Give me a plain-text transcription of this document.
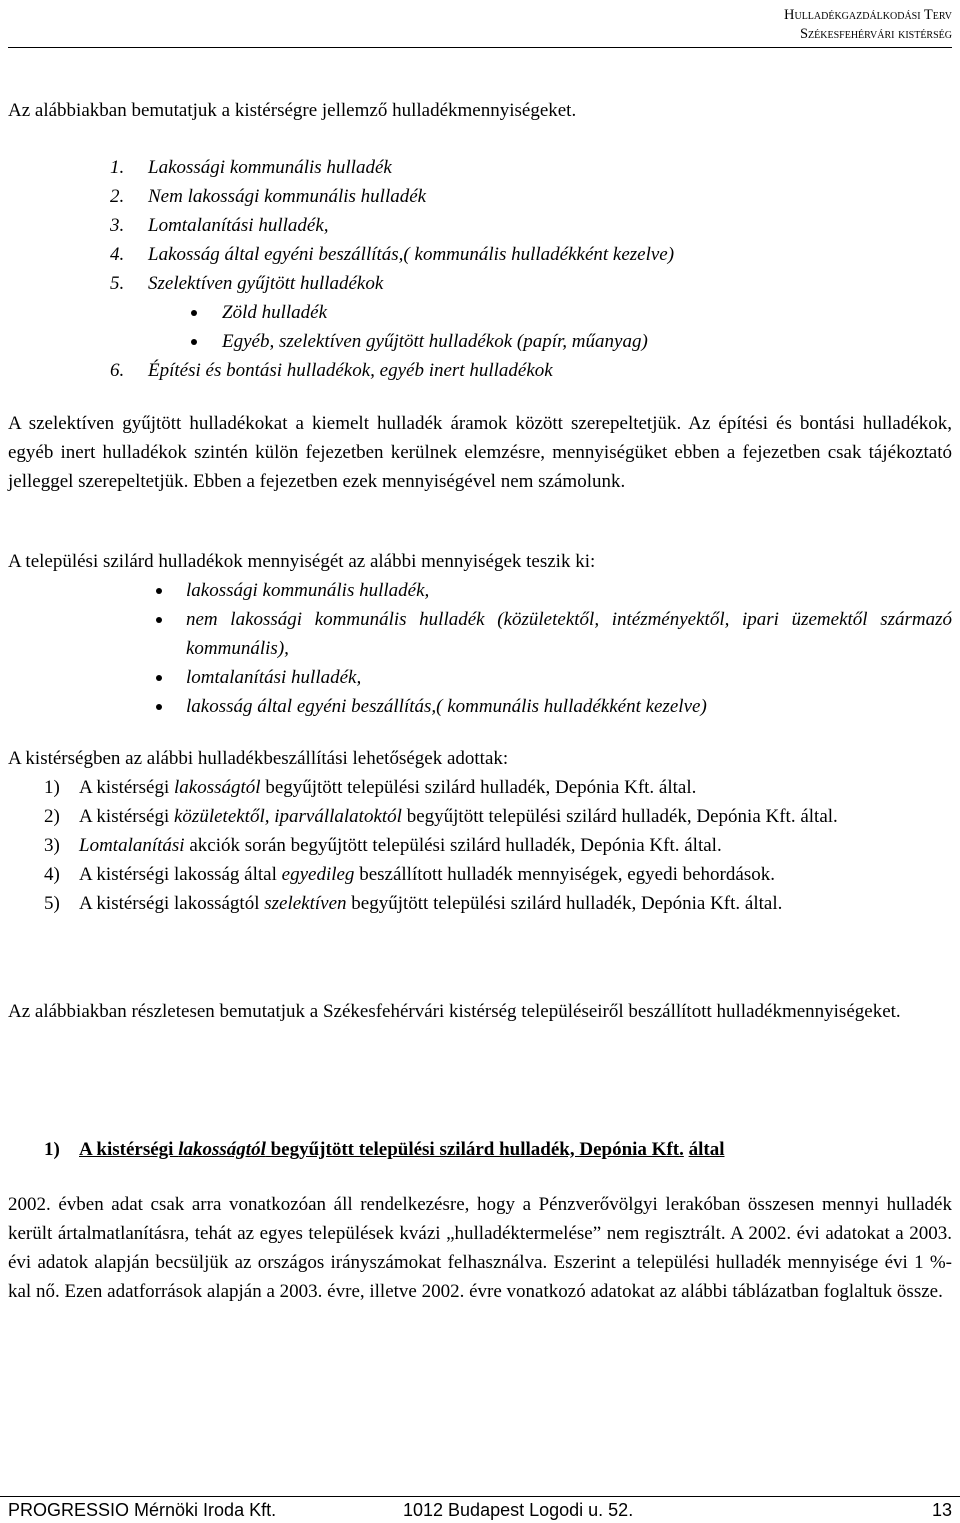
Hulladékgazdálkodási Terv
Székesfehérvári kistérség
Az alábbiakban bemutatjuk a kistérségre jellemző hulladékmennyiségeket.
1. Lakossági kommunális hulladék
2. Nem lakossági kommunális hulladék
3. Lomtalanítási hulladék,
4. Lakosság által egyéni beszállítás,( kommunális hulladékként kezelve)
5. Szelektíven gyűjtött hulladékok
Zöld hulladék
Egyéb, szelektíven gyűjtött hulladékok (papír, műanyag)
6. Építési és bontási hulladékok, egyéb inert hulladékok
A szelektíven gyűjtött hulladékokat a kiemelt hulladék áramok között szerepeltetjük. Az építési és bontási hulladékok, egyéb inert hulladékok szintén külön fejezetben kerülnek elemzésre, mennyiségüket ebben a fejezetben csak tájékoztató jelleggel szerepeltetjük. Ebben a fejezetben ezek mennyiségével nem számolunk.
A települési szilárd hulladékok mennyiségét az alábbi mennyiségek teszik ki:
lakossági kommunális hulladék,
nem lakossági kommunális hulladék (közületektől, intézményektől, ipari üzemektől származó kommunális),
lomtalanítási hulladék,
lakosság által egyéni beszállítás,( kommunális hulladékként kezelve)
A kistérségben az alábbi hulladékbeszállítási lehetőségek adottak:
1) A kistérségi lakosságtól begyűjtött települési szilárd hulladék, Depónia Kft. által.
2) A kistérségi közületektől, iparvállalatoktól begyűjtött települési szilárd hulladék, Depónia Kft. által.
3) Lomtalanítási akciók során begyűjtött települési szilárd hulladék, Depónia Kft. által.
4) A kistérségi lakosság által egyedileg beszállított hulladék mennyiségek, egyedi behordások.
5) A kistérségi lakosságtól szelektíven begyűjtött települési szilárd hulladék, Depónia Kft. által.
Az alábbiakban részletesen bemutatjuk a Székesfehérvári kistérség településeiről beszállított hulladékmennyiségeket.
1) A kistérségi lakosságtól begyűjtött települési szilárd hulladék, Depónia Kft. által
2002. évben adat csak arra vonatkozóan áll rendelkezésre, hogy a Pénzverővölgyi lerakóban összesen mennyi hulladék került ártalmatlanításra, tehát az egyes települések kvázi „hulladéktermelése” nem regisztrált. A 2002. évi adatokat a 2003. évi adatok alapján becsüljük az országos irányszámokat felhasználva. Eszerint a települési hulladék mennyisége évi 1 %-kal nő. Ezen adatforrások alapján a 2003. évre, illetve 2002. évre vonatkozó adatokat az alábbi táblázatban foglaltuk össze.
PROGRESSIO Mérnöki Iroda Kft.	1012 Budapest Logodi u. 52.	13
